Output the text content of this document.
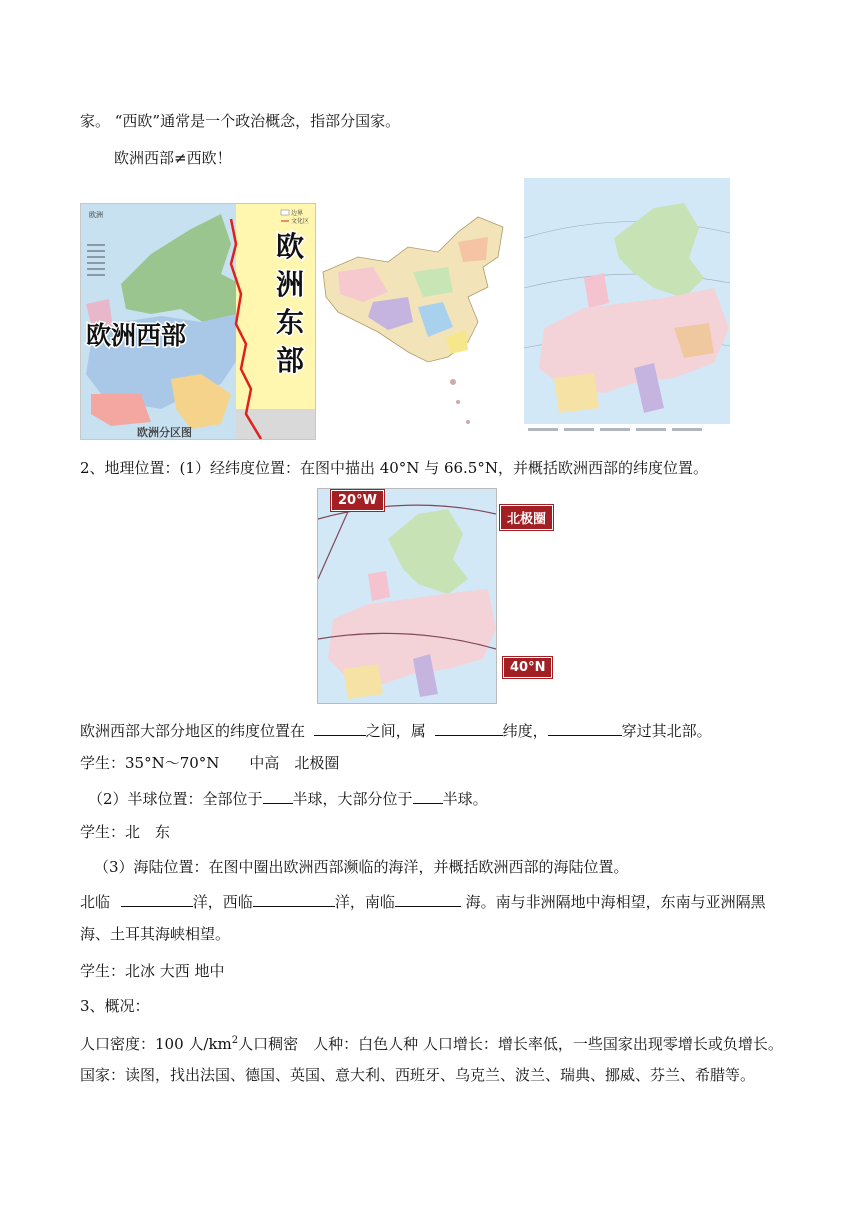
家。 “西欧”通常是一个政治概念，指部分国家。
欧洲西部≠西欧！
欧洲	边界
文化区
欧洲西部
欧
洲
东
部
欧洲分区图
2、地理位置：(1）经纬度位置：在图中描出 40°N 与 66.5°N，并概括欧洲西部的纬度位置。
20°W
北极圈
40°N
欧洲西部大部分地区的纬度位置在	之间，属	纬度，	穿过其北部。
学生：35°N～70°N　　中高　北极圈
（2）半球位置：全部位于 半球，大部分位于 半球。
学生：北　东
（3）海陆位置：在图中圈出欧洲西部濒临的海洋，并概括欧洲西部的海陆位置。
北临	洋，西临	洋，南临	海。南与非洲隔地中海相望，东南与亚洲隔黑
海、土耳其海峡相望。
学生：北冰 大西 地中
3、概况：
人口密度：100 人$/km^2$人口稠密　人种：白色人种 人口增长：增长率低，一些国家出现零增长或负增长。
国家：读图，找出法国、德国、英国、意大利、西班牙、乌克兰、波兰、瑞典、挪威、芬兰、希腊等。
